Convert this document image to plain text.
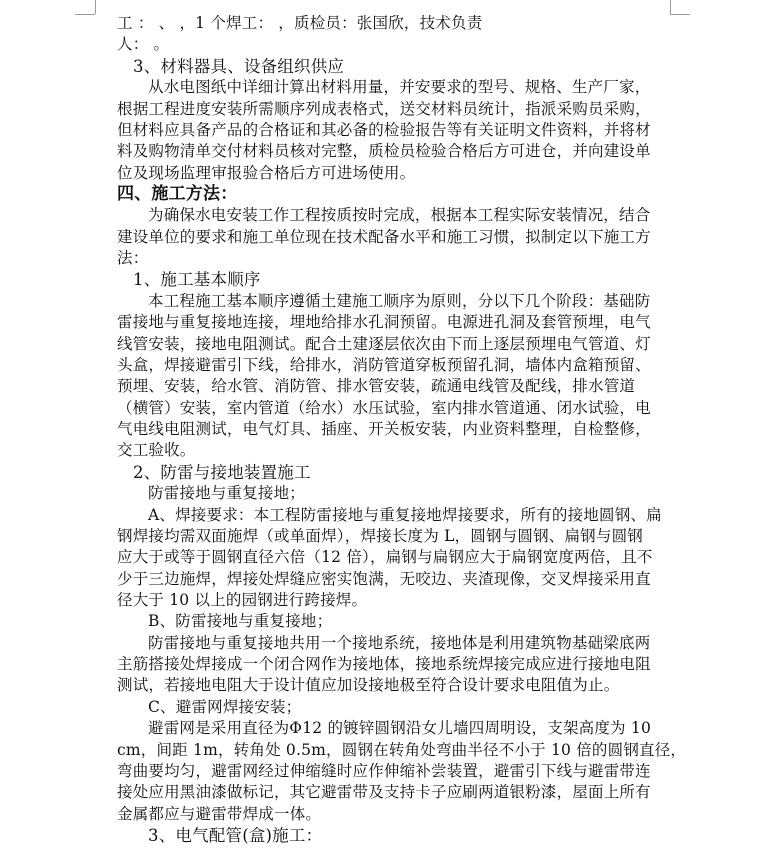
工 ： 、 ，1 个焊工： ，质检员：张国欣，技术负责
人： 。
3、材料器具、设备组织供应
从水电图纸中详细计算出材料用量，并安要求的型号、规格、生产厂家，
根据工程进度安装所需顺序列成表格式，送交材料员统计，指派采购员采购，
但材料应具备产品的合格证和其必备的检验报告等有关证明文件资料，并将材
料及购物清单交付材料员核对完整，质检员检验合格后方可进仓，并向建设单
位及现场监理审报验合格后方可进场使用。
四、施工方法：
为确保水电安装工作工程按质按时完成，根据本工程实际安装情况，结合
建设单位的要求和施工单位现在技术配备水平和施工习惯，拟制定以下施工方
法：
1、施工基本顺序
本工程施工基本顺序遵循土建施工顺序为原则，分以下几个阶段：基础防
雷接地与重复接地连接，埋地给排水孔洞预留。电源进孔洞及套管预埋，电气
线管安装，接地电阻测试。配合土建逐层依次由下而上逐层预埋电气管道、灯
头盒，焊接避雷引下线，给排水，消防管道穿板预留孔洞，墙体内盒箱预留、
预埋、安装，给水管、消防管、排水管安装，疏通电线管及配线，排水管道
（横管）安装，室内管道（给水）水压试验，室内排水管道通、闭水试验，电
气电线电阻测试，电气灯具、插座、开关板安装，内业资料整理，自检整修，
交工验收。
2、防雷与接地装置施工
防雷接地与重复接地；
A、焊接要求：本工程防雷接地与重复接地焊接要求，所有的接地圆钢、扁
钢焊接均需双面施焊（或单面焊），焊接长度为 L，圆钢与圆钢、扁钢与圆钢
应大于或等于圆钢直径六倍（12 倍），扁钢与扁钢应大于扁钢宽度两倍，且不
少于三边施焊，焊接处焊缝应密实饱满，无咬边、夹渣现像，交叉焊接采用直
径大于 10 以上的园钢进行跨接焊。
B、防雷接地与重复接地；
防雷接地与重复接地共用一个接地系统，接地体是利用建筑物基础梁底两
主筋搭接处焊接成一个闭合网作为接地体，接地系统焊接完成应进行接地电阻
测试，若接地电阻大于设计值应加设接地极至符合设计要求电阻值为止。
C、避雷网焊接安装；
避雷网是采用直径为Φ12 的镀锌圆钢沿女儿墙四周明设，支架高度为 10
cm，间距 1m，转角处 0.5m，圆钢在转角处弯曲半径不小于 10 倍的圆钢直径，
弯曲要均匀，避雷网经过伸缩缝时应作伸缩补尝装置，避雷引下线与避雷带连
接处应用黑油漆做标记，其它避雷带及支持卡子应刷两道银粉漆，屋面上所有
金属都应与避雷带焊成一体。
3、电气配管(盒)施工：
